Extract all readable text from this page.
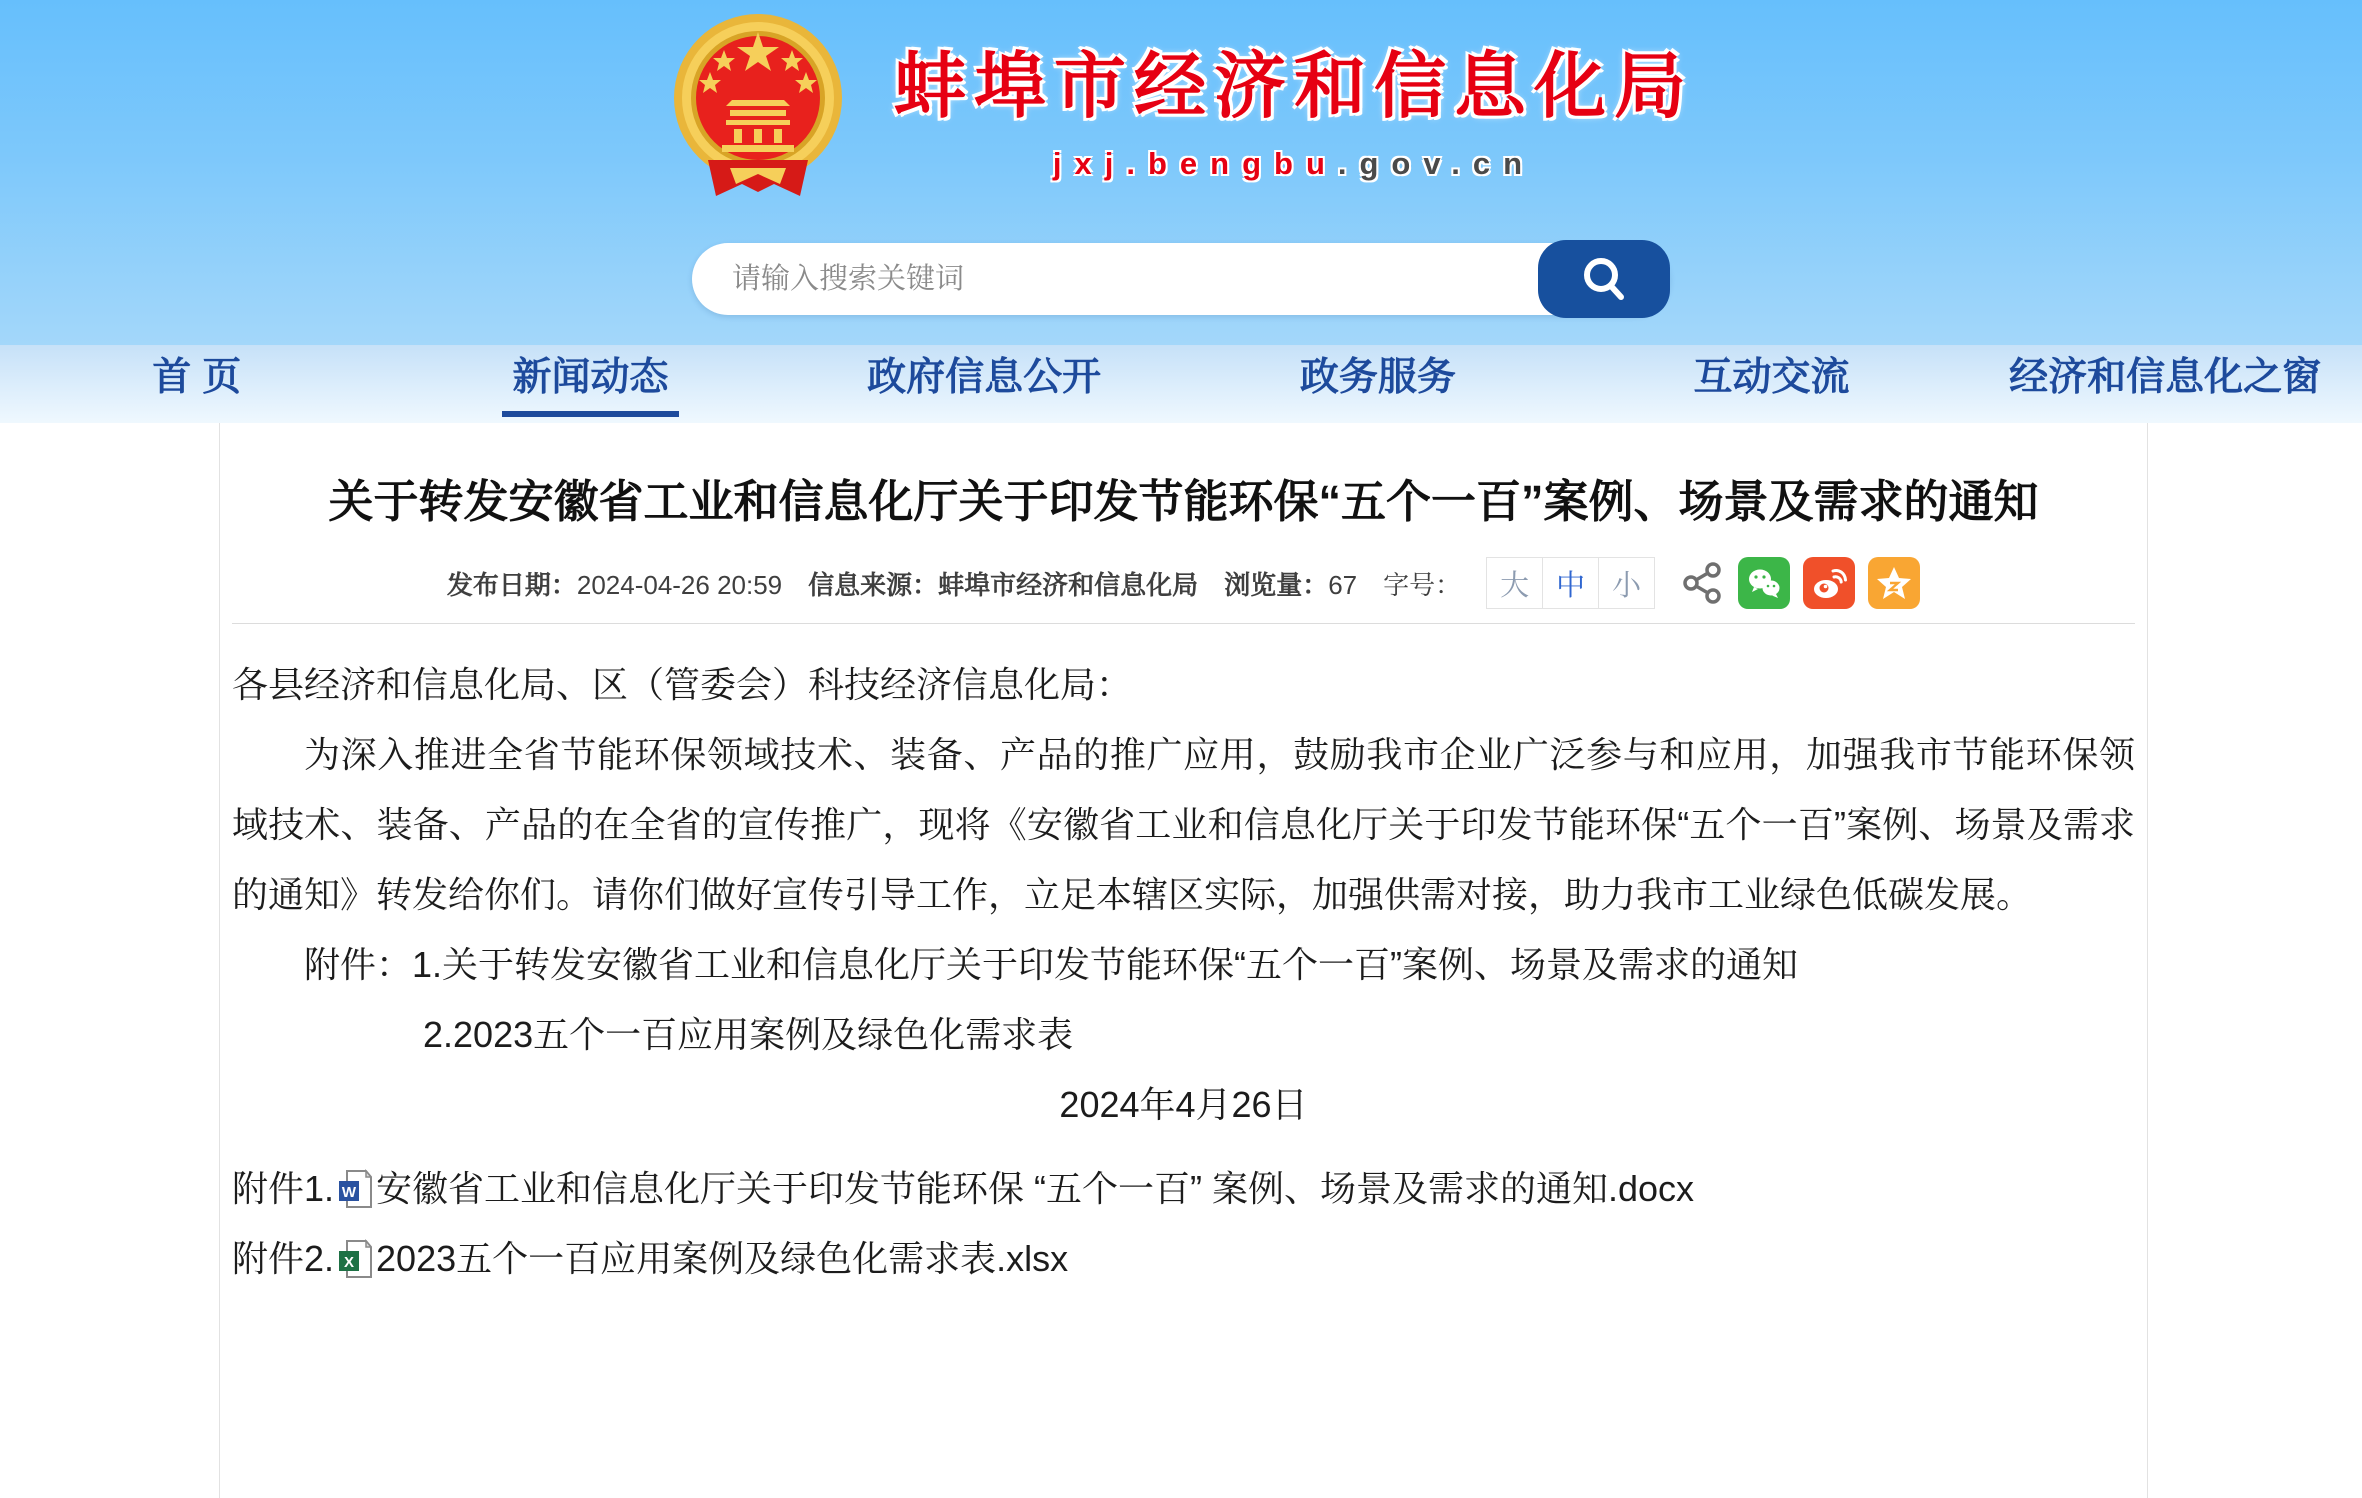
蚌埠市经济和信息化局
jxj.bengbu.gov.cn
请输入搜索关键词
首 页	新闻动态	政府信息公开	政务服务	互动交流	经济和信息化之窗
关于转发安徽省工业和信息化厅关于印发节能环保“五个一百”案例、场景及需求的通知
发布日期：2024-04-26 20:59 信息来源：蚌埠市经济和信息化局 浏览量：67 字号：	大 中 小
各县经济和信息化局、区（管委会）科技经济信息化局：
为深入推进全省节能环保领域技术、装备、产品的推广应用，鼓励我市企业广泛参与和应用，加强我市节能环保领域技术、装备、产品的在全省的宣传推广，现将《安徽省工业和信息化厅关于印发节能环保“五个一百”案例、场景及需求的通知》转发给你们。请你们做好宣传引导工作，立足本辖区实际，加强供需对接，助力我市工业绿色低碳发展。
附件：1.关于转发安徽省工业和信息化厅关于印发节能环保“五个一百”案例、场景及需求的通知
2.2023五个一百应用案例及绿色化需求表
2024年4月26日
附件1. W 安徽省工业和信息化厅关于印发节能环保 “五个一百” 案例、场景及需求的通知.docx
附件2. X 2023五个一百应用案例及绿色化需求表.xlsx
